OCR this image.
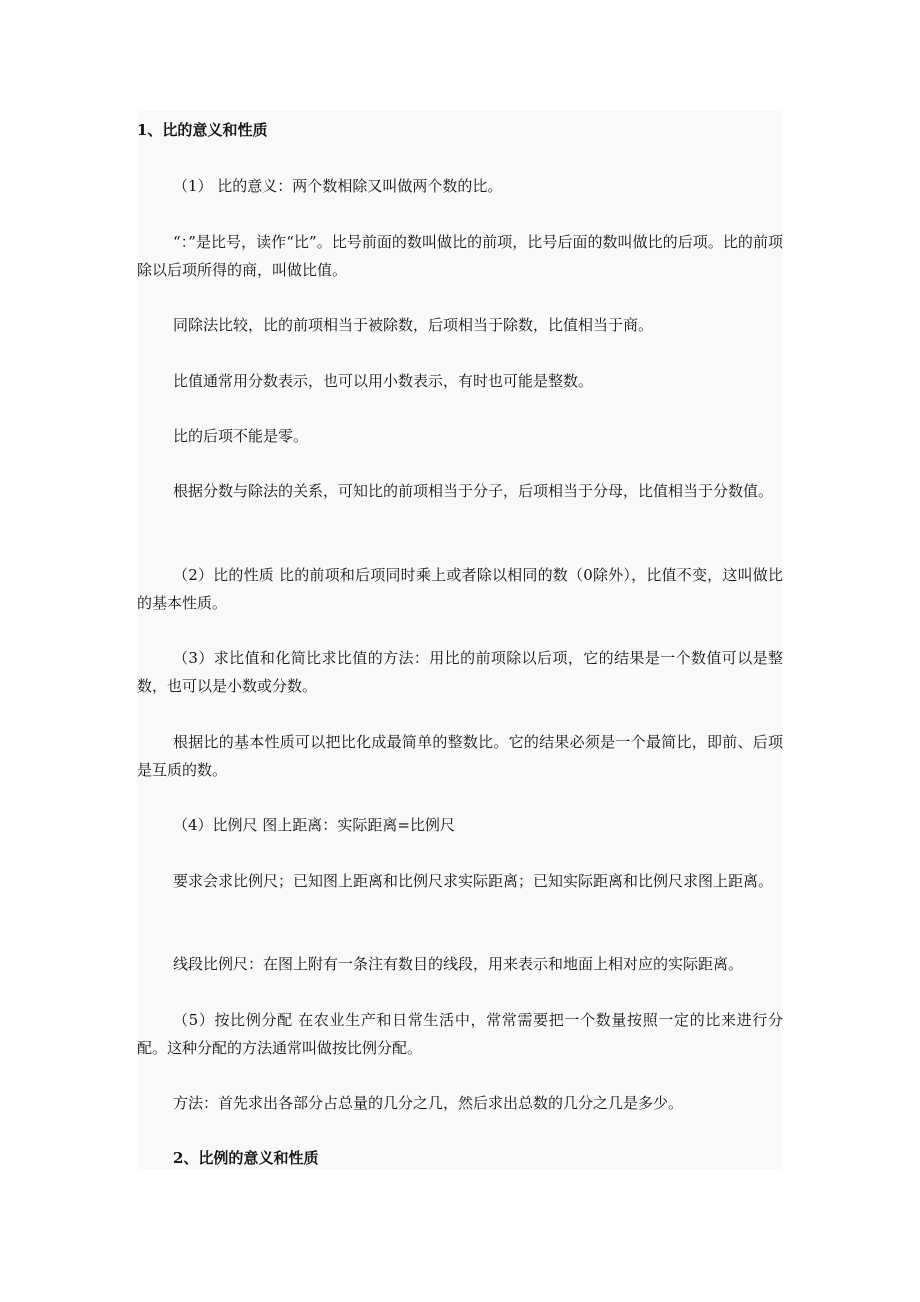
1、比的意义和性质

（1） 比的意义：两个数相除又叫做两个数的比。

“：”是比号，读作“比”。比号前面的数叫做比的前项，比号后面的数叫做比的后项。比的前项除以后项所得的商，叫做比值。

同除法比较，比的前项相当于被除数，后项相当于除数，比值相当于商。

比值通常用分数表示，也可以用小数表示，有时也可能是整数。

比的后项不能是零。

根据分数与除法的关系，可知比的前项相当于分子，后项相当于分母，比值相当于分数值。

（2）比的性质 比的前项和后项同时乘上或者除以相同的数（0除外），比值不变，这叫做比的基本性质。

（3）求比值和化简比求比值的方法：用比的前项除以后项，它的结果是一个数值可以是整数，也可以是小数或分数。

根据比的基本性质可以把比化成最简单的整数比。它的结果必须是一个最简比，即前、后项是互质的数。

（4）比例尺 图上距离：实际距离=比例尺

要求会求比例尺；已知图上距离和比例尺求实际距离；已知实际距离和比例尺求图上距离。

线段比例尺：在图上附有一条注有数目的线段，用来表示和地面上相对应的实际距离。

（5）按比例分配 在农业生产和日常生活中，常常需要把一个数量按照一定的比来进行分配。这种分配的方法通常叫做按比例分配。

方法：首先求出各部分占总量的几分之几，然后求出总数的几分之几是多少。

2、比例的意义和性质
